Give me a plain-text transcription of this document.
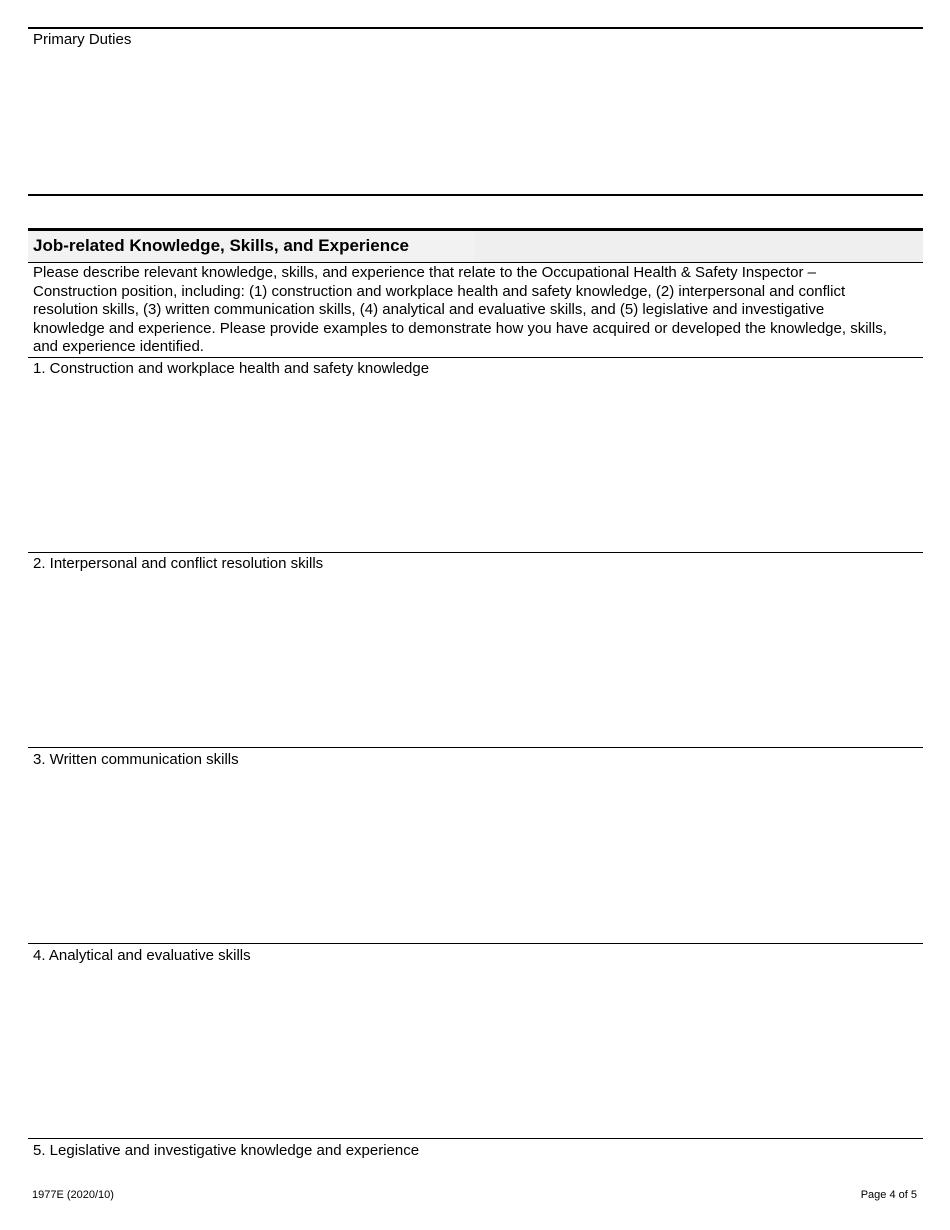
Primary Duties
Job-related Knowledge, Skills, and Experience
Please describe relevant knowledge, skills, and experience that relate to the Occupational Health & Safety Inspector – Construction position, including: (1) construction and workplace health and safety knowledge, (2) interpersonal and conflict resolution skills, (3) written communication skills, (4) analytical and evaluative skills, and (5) legislative and investigative knowledge and experience. Please provide examples to demonstrate how you have acquired or developed the knowledge, skills, and experience identified.
1. Construction and workplace health and safety knowledge
2. Interpersonal and conflict resolution skills
3. Written communication skills
4. Analytical and evaluative skills
5. Legislative and investigative knowledge and experience
1977E (2020/10)	Page 4 of 5
